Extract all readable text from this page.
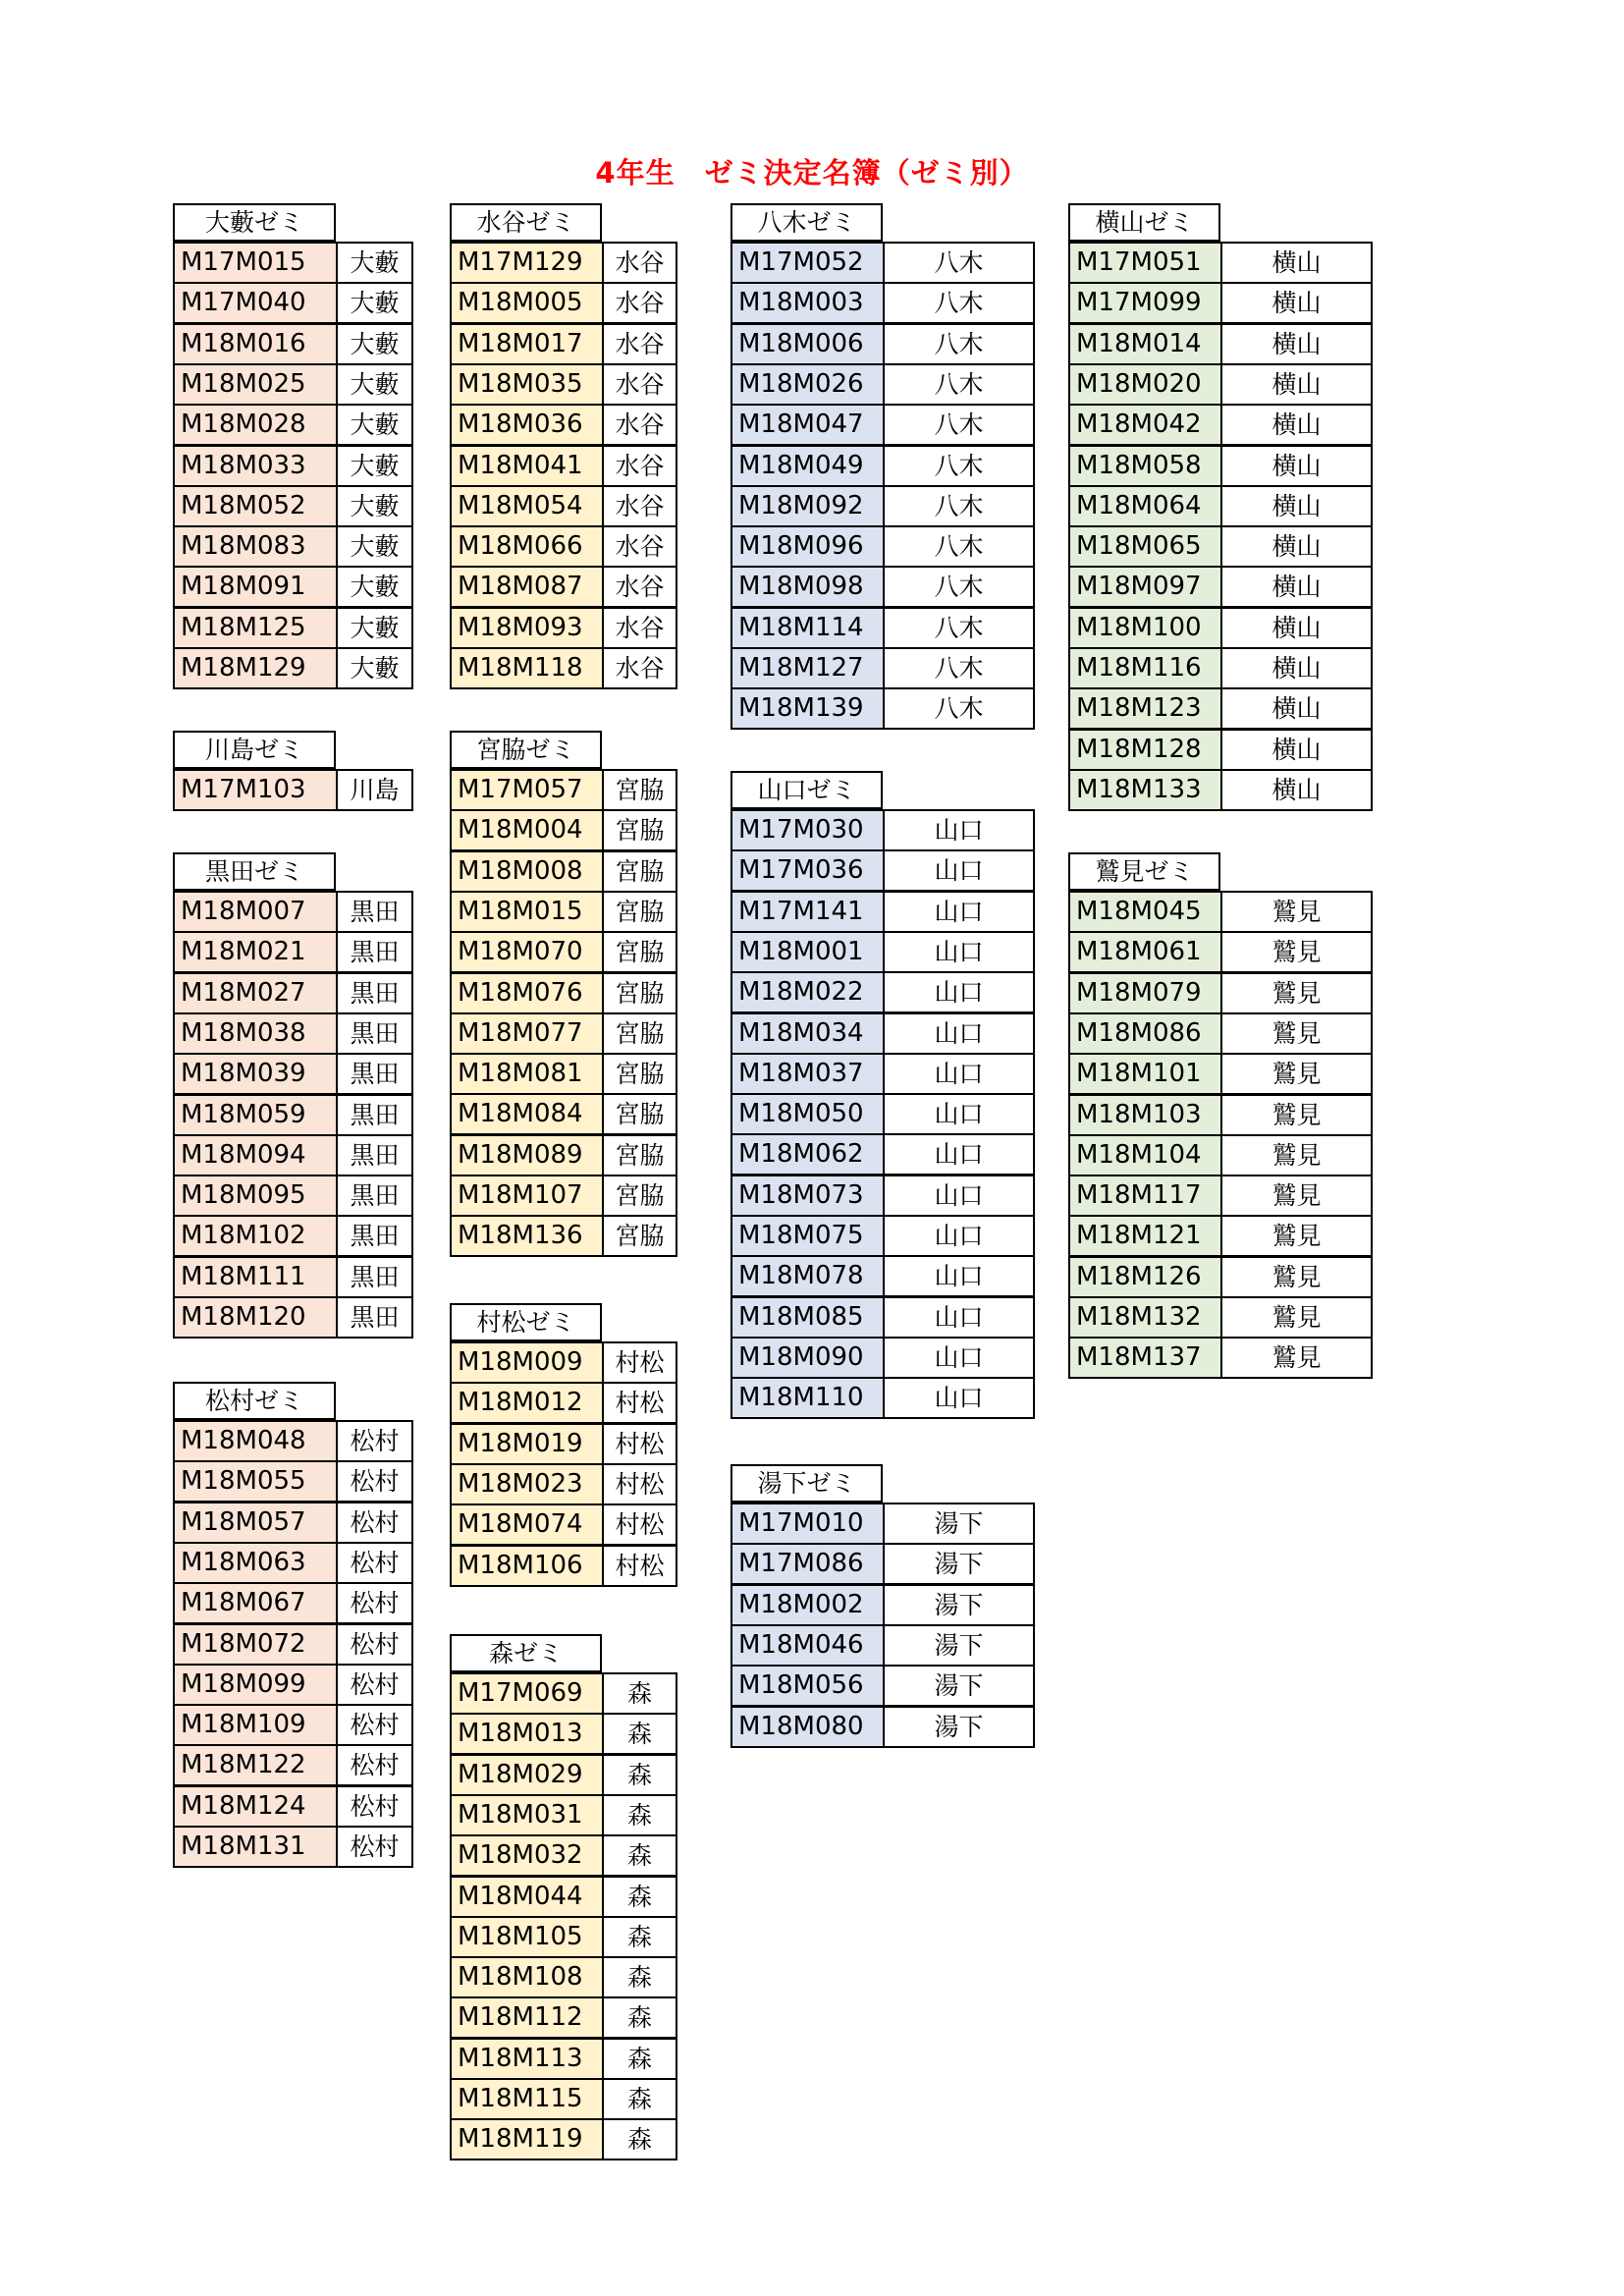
4年生　ゼミ決定名簿（ゼミ別）
大藪ゼミ
M17M015	大藪
M17M040	大藪
M18M016	大藪
M18M025	大藪
M18M028	大藪
M18M033	大藪
M18M052	大藪
M18M083	大藪
M18M091	大藪
M18M125	大藪
M18M129	大藪
川島ゼミ
M17M103	川島
黒田ゼミ
M18M007	黒田
M18M021	黒田
M18M027	黒田
M18M038	黒田
M18M039	黒田
M18M059	黒田
M18M094	黒田
M18M095	黒田
M18M102	黒田
M18M111	黒田
M18M120	黒田
松村ゼミ
M18M048	松村
M18M055	松村
M18M057	松村
M18M063	松村
M18M067	松村
M18M072	松村
M18M099	松村
M18M109	松村
M18M122	松村
M18M124	松村
M18M131	松村
水谷ゼミ
M17M129	水谷
M18M005	水谷
M18M017	水谷
M18M035	水谷
M18M036	水谷
M18M041	水谷
M18M054	水谷
M18M066	水谷
M18M087	水谷
M18M093	水谷
M18M118	水谷
宮脇ゼミ
M17M057	宮脇
M18M004	宮脇
M18M008	宮脇
M18M015	宮脇
M18M070	宮脇
M18M076	宮脇
M18M077	宮脇
M18M081	宮脇
M18M084	宮脇
M18M089	宮脇
M18M107	宮脇
M18M136	宮脇
村松ゼミ
M18M009	村松
M18M012	村松
M18M019	村松
M18M023	村松
M18M074	村松
M18M106	村松
森ゼミ
M17M069	森
M18M013	森
M18M029	森
M18M031	森
M18M032	森
M18M044	森
M18M105	森
M18M108	森
M18M112	森
M18M113	森
M18M115	森
M18M119	森
八木ゼミ
M17M052	八木
M18M003	八木
M18M006	八木
M18M026	八木
M18M047	八木
M18M049	八木
M18M092	八木
M18M096	八木
M18M098	八木
M18M114	八木
M18M127	八木
M18M139	八木
山口ゼミ
M17M030	山口
M17M036	山口
M17M141	山口
M18M001	山口
M18M022	山口
M18M034	山口
M18M037	山口
M18M050	山口
M18M062	山口
M18M073	山口
M18M075	山口
M18M078	山口
M18M085	山口
M18M090	山口
M18M110	山口
湯下ゼミ
M17M010	湯下
M17M086	湯下
M18M002	湯下
M18M046	湯下
M18M056	湯下
M18M080	湯下
横山ゼミ
M17M051	横山
M17M099	横山
M18M014	横山
M18M020	横山
M18M042	横山
M18M058	横山
M18M064	横山
M18M065	横山
M18M097	横山
M18M100	横山
M18M116	横山
M18M123	横山
M18M128	横山
M18M133	横山
鷲見ゼミ
M18M045	鷲見
M18M061	鷲見
M18M079	鷲見
M18M086	鷲見
M18M101	鷲見
M18M103	鷲見
M18M104	鷲見
M18M117	鷲見
M18M121	鷲見
M18M126	鷲見
M18M132	鷲見
M18M137	鷲見
